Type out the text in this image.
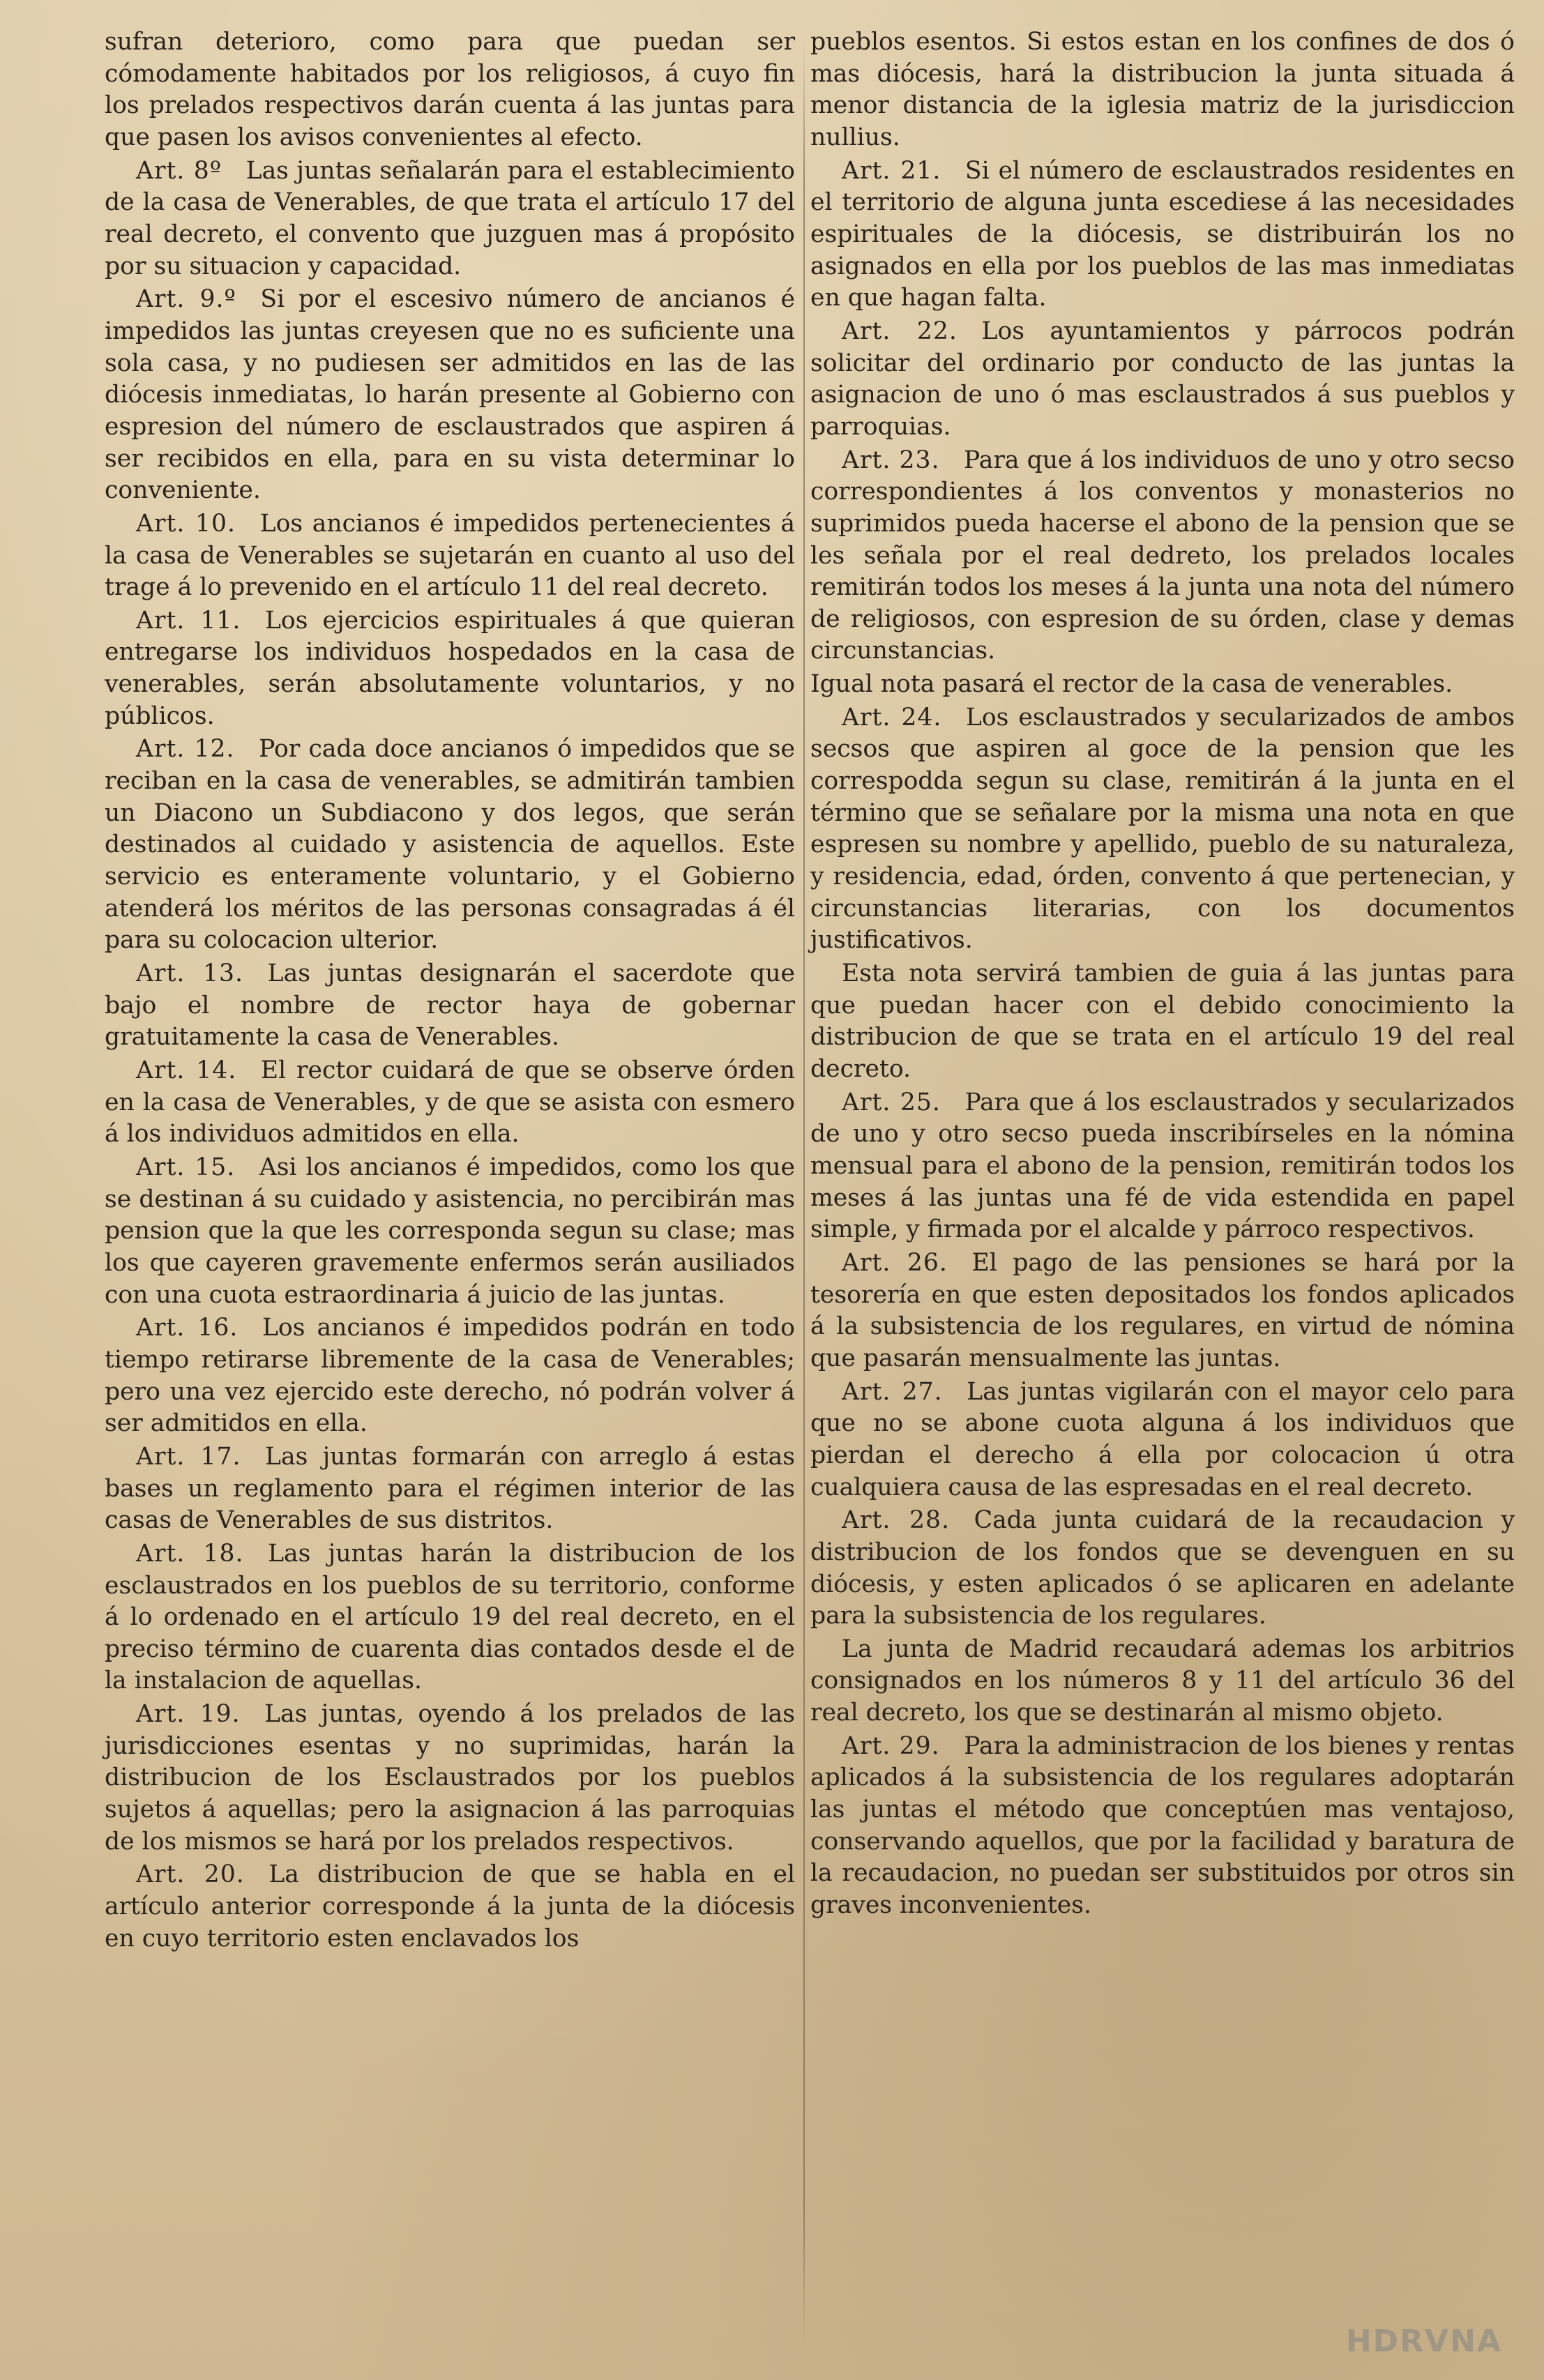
sufran deterioro, como para que puedan ser cómodamente habitados por los religiosos, á cuyo fin los prelados respectivos darán cuenta á las juntas para que pasen los avisos convenientes al efecto.

Art. 8º  Las juntas señalarán para el establecimiento de la casa de Venerables, de que trata el artículo 17 del real decreto, el convento que juzguen mas á propósito por su situacion y capacidad.

Art. 9.º  Si por el escesivo número de ancianos é impedidos las juntas creyesen que no es suficiente una sola casa, y no pudiesen ser admitidos en las de las diócesis inmediatas, lo harán presente al Gobierno con espresion del número de esclaustrados que aspiren á ser recibidos en ella, para en su vista determinar lo conveniente.

Art. 10.  Los ancianos é impedidos pertenecientes á la casa de Venerables se sujetarán en cuanto al uso del trage á lo prevenido en el artículo 11 del real decreto.

Art. 11.  Los ejercicios espirituales á que quieran entregarse los individuos hospedados en la casa de venerables, serán absolutamente voluntarios, y no públicos.

Art. 12.  Por cada doce ancianos ó impedidos que se reciban en la casa de venerables, se admitirán tambien un Diacono un Subdiacono y dos legos, que serán destinados al cuidado y asistencia de aquellos. Este servicio es enteramente voluntario, y el Gobierno atenderá los méritos de las personas consagradas á él para su colocacion ulterior.

Art. 13.  Las juntas designarán el sacerdote que bajo el nombre de rector haya de gobernar gratuitamente la casa de Venerables.

Art. 14.  El rector cuidará de que se observe órden en la casa de Venerables, y de que se asista con esmero á los individuos admitidos en ella.

Art. 15.  Asi los ancianos é impedidos, como los que se destinan á su cuidado y asistencia, no percibirán mas pension que la que les corresponda segun su clase; mas los que cayeren gravemente enfermos serán ausiliados con una cuota estraordinaria á juicio de las juntas.

Art. 16.  Los ancianos é impedidos podrán en todo tiempo retirarse libremente de la casa de Venerables; pero una vez ejercido este derecho, nó podrán volver á ser admitidos en ella.

Art. 17.  Las juntas formarán con arreglo á estas bases un reglamento para el régimen interior de las casas de Venerables de sus distritos.

Art. 18.  Las juntas harán la distribucion de los esclaustrados en los pueblos de su territorio, conforme á lo ordenado en el artículo 19 del real decreto, en el preciso término de cuarenta dias contados desde el de la instalacion de aquellas.

Art. 19.  Las juntas, oyendo á los prelados de las jurisdicciones esentas y no suprimidas, harán la distribucion de los Esclaustrados por los pueblos sujetos á aquellas; pero la asignacion á las parroquias de los mismos se hará por los prelados respectivos.

Art. 20.  La distribucion de que se habla en el artículo anterior corresponde á la junta de la diócesis en cuyo territorio esten enclavados los

pueblos esentos. Si estos estan en los confines de dos ó mas diócesis, hará la distribucion la junta situada á menor distancia de la iglesia matriz de la jurisdiccion nullius.

Art. 21.  Si el número de esclaustrados residentes en el territorio de alguna junta escediese á las necesidades espirituales de la diócesis, se distribuirán los no asignados en ella por los pueblos de las mas inmediatas en que hagan falta.

Art. 22.  Los ayuntamientos y párrocos podrán solicitar del ordinario por conducto de las juntas la asignacion de uno ó mas esclaustrados á sus pueblos y parroquias.

Art. 23.  Para que á los individuos de uno y otro secso correspondientes á los conventos y monasterios no suprimidos pueda hacerse el abono de la pension que se les señala por el real dedreto, los prelados locales remitirán todos los meses á la junta una nota del número de religiosos, con espresion de su órden, clase y demas circunstancias.

Igual nota pasará el rector de la casa de venerables.

Art. 24.  Los esclaustrados y secularizados de ambos secsos que aspiren al goce de la pension que les correspodda segun su clase, remitirán á la junta en el término que se señalare por la misma una nota en que espresen su nombre y apellido, pueblo de su naturaleza, y residencia, edad, órden, convento á que pertenecian, y circunstancias literarias, con los documentos justificativos.

Esta nota servirá tambien de guia á las juntas para que puedan hacer con el debido conocimiento la distribucion de que se trata en el artículo 19 del real decreto.

Art. 25.  Para que á los esclaustrados y secularizados de uno y otro secso pueda inscribírseles en la nómina mensual para el abono de la pension, remitirán todos los meses á las juntas una fé de vida estendida en papel simple, y firmada por el alcalde y párroco respectivos.

Art. 26.  El pago de las pensiones se hará por la tesorería en que esten depositados los fondos aplicados á la subsistencia de los regulares, en virtud de nómina que pasarán mensualmente las juntas.

Art. 27.  Las juntas vigilarán con el mayor celo para que no se abone cuota alguna á los individuos que pierdan el derecho á ella por colocacion ú otra cualquiera causa de las espresadas en el real decreto.

Art. 28.  Cada junta cuidará de la recaudacion y distribucion de los fondos que se devenguen en su diócesis, y esten aplicados ó se aplicaren en adelante para la subsistencia de los regulares.

La junta de Madrid recaudará ademas los arbitrios consignados en los números 8 y 11 del artículo 36 del real decreto, los que se destinarán al mismo objeto.

Art. 29.  Para la administracion de los bienes y rentas aplicados á la subsistencia de los regulares adoptarán las juntas el método que conceptúen mas ventajoso, conservando aquellos, que por la facilidad y baratura de la recaudacion, no puedan ser substituidos por otros sin graves inconvenientes.

HDRVNA
